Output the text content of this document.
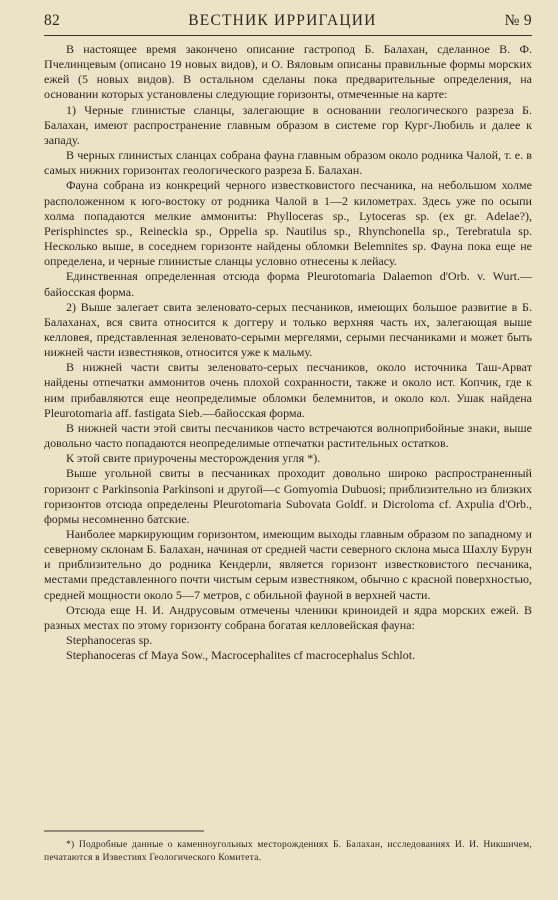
82	ВЕСТНИК ИРРИГАЦИИ	№ 9

В настоящее время закончено описание гастропод Б. Балахан, сделанное В. Ф. Пчелинцевым (описано 19 новых видов), и О. Вяловым описаны правильные формы морских ежей (5 новых видов). В остальном сделаны пока предварительные определения, на основании которых установлены следующие горизонты, отмеченные на карте:

1) Черные глинистые сланцы, залегающие в основании геологического разреза Б. Балахан, имеют распространение главным образом в системе гор Кург-Любиль и далее к западу.

В черных глинистых сланцах собрана фауна главным образом около родника Чалой, т. е. в самых нижних горизонтах геологического разреза Б. Балахан.

Фауна собрана из конкреций черного известковистого песчаника, на небольшом холме расположенном к юго-востоку от родника Чалой в 1—2 километрах. Здесь уже по осыпи холма попадаются мелкие аммониты: Phylloceras sp., Lytoceras sp. (ex gr. Adelae?), Perisphinctes sp., Reineckia sp., Oppelia sp. Nautilus sp., Rhynchonella sp., Terebratula sp. Несколько выше, в соседнем горизонте найдены обломки Belemnites sp. Фауна пока еще не определена, и черные глинистые сланцы условно отнесены к лейасу.

Единственная определенная отсюда форма Pleurotomaria Dalaemon d'Orb. v. Wurt.—байосская форма.

2) Выше залегает свита зеленовато-серых песчаников, имеющих большое развитие в Б. Балаханах, вся свита относится к доггеру и только верхняя часть их, залегающая выше келловея, представленная зеленовато-серыми мергелями, серыми песчаниками и может быть нижней части известняков, относится уже к мальму.

В нижней части свиты зеленовато-серых песчаников, около источника Таш-Арват найдены отпечатки аммонитов очень плохой сохранности, также и около ист. Копчик, где к ним прибавляются еще неопределимые обломки белемнитов, и около кол. Ушак найдена Pleurotomaria aff. fastigata Sieb.—байосская форма.

В нижней части этой свиты песчаников часто встречаются волноприбойные знаки, выше довольно часто попадаются неопределимые отпечатки растительных остатков.

К этой свите приурочены месторождения угля *).

Выше угольной свиты в песчаниках проходит довольно широко распространенный горизонт с Parkinsonia Parkinsoni и другой—с Gomyomia Dubuosi; приблизительно из близких горизонтов отсюда определены Pleurotomaria Subovata Goldf. и Dicroloma cf. Axpulia d'Orb., формы несомненно батские.

Наиболее маркирующим горизонтом, имеющим выходы главным образом по западному и северному склонам Б. Балахан, начиная от средней части северного склона мыса Шахлу Бурун и приблизительно до родника Кендерли, является горизонт известковистого песчаника, местами представленного почти чистым серым известняком, обычно с красной поверхностью, средней мощности около 5—7 метров, с обильной фауной в верхней части.

Отсюда еще Н. И. Андрусовым отмечены членики криноидей и ядра морских ежей. В разных местах по этому горизонту собрана богатая келловейская фауна:

Stephanoceras sp.

Stephanoceras cf Maya Sow., Macrocephalites cf macrocephalus Schlot.

*) Подробные данные о каменноугольных месторождениях Б. Балахан, исследованиях И. И. Никшичем, печатаются в Известиях Геологического Комитета.
